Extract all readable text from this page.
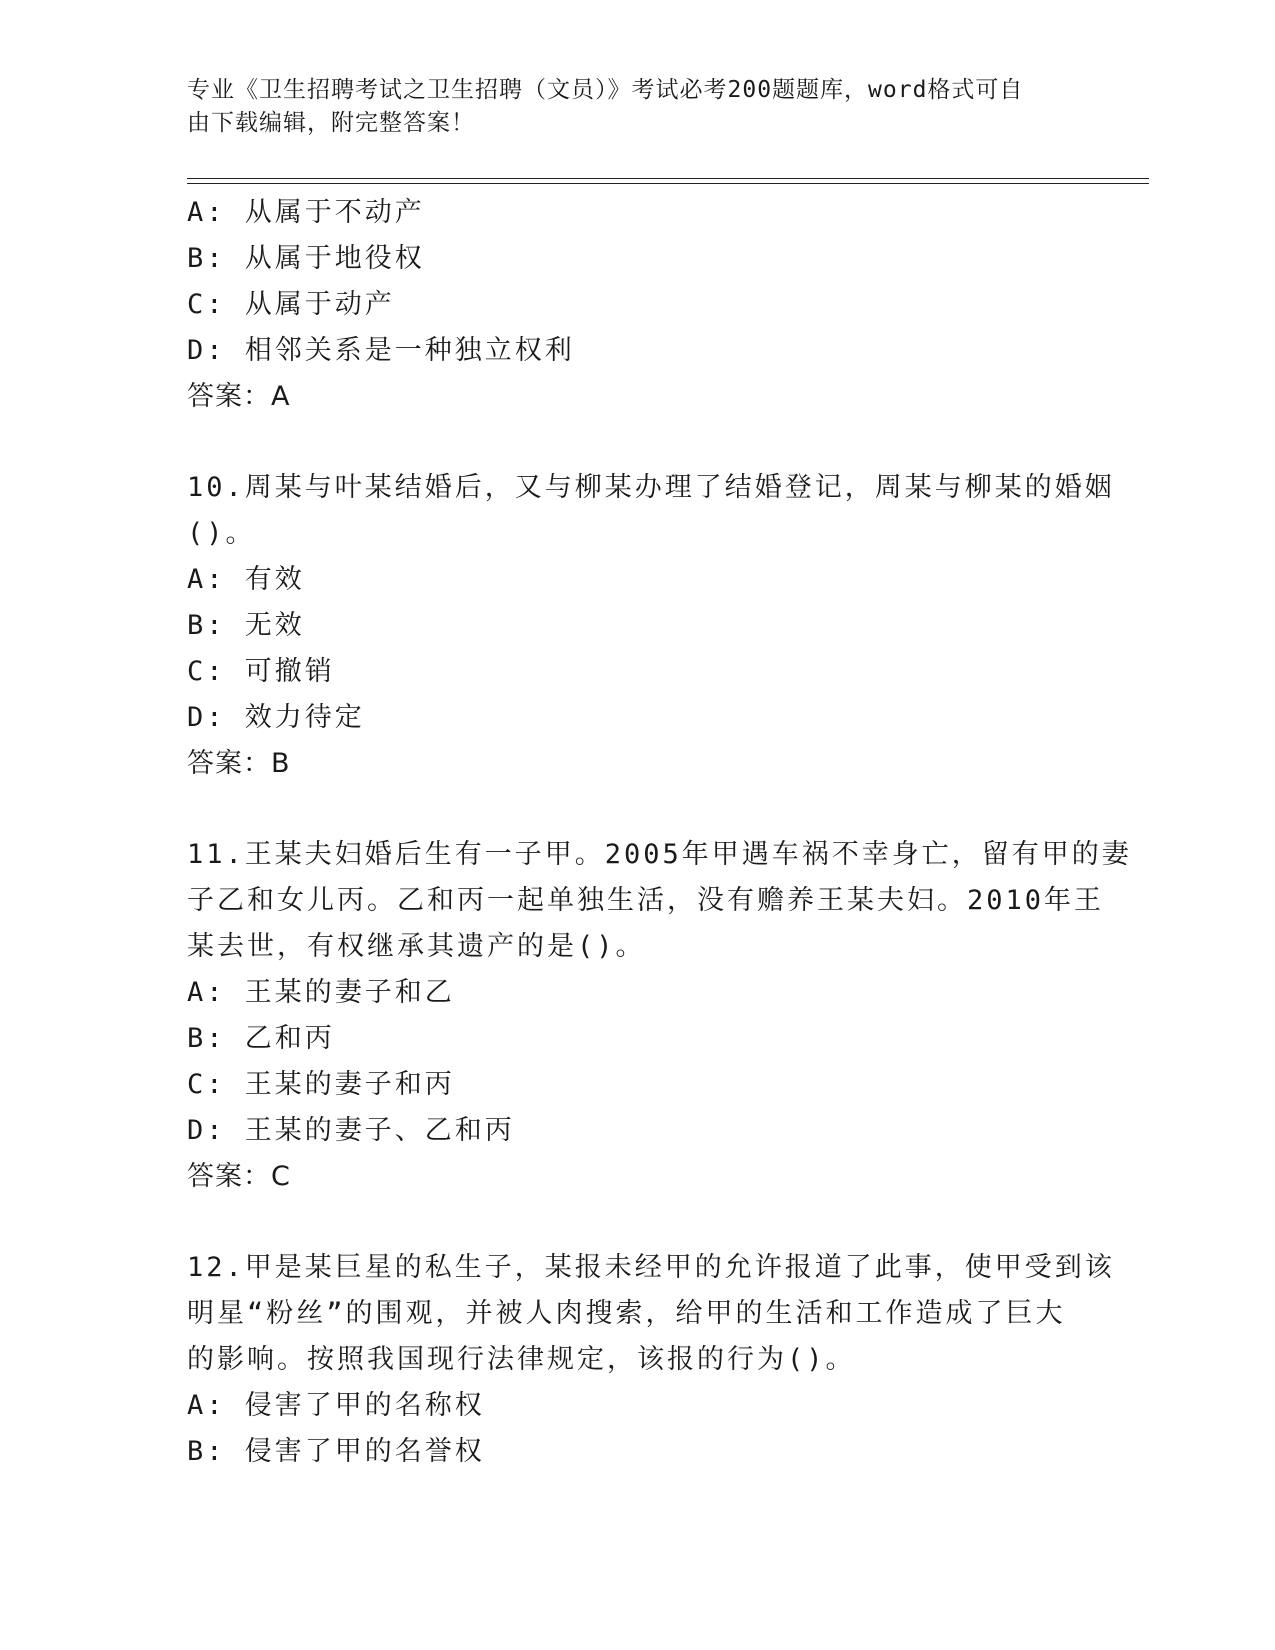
专业《卫生招聘考试之卫生招聘（文员）》考试必考200题题库，word格式可自
由下载编辑，附完整答案！
A: 从属于不动产
B: 从属于地役权
C: 从属于动产
D: 相邻关系是一种独立权利
答案：A
10.周某与叶某结婚后，又与柳某办理了结婚登记，周某与柳某的婚姻
()。
A: 有效
B: 无效
C: 可撤销
D: 效力待定
答案：B
11.王某夫妇婚后生有一子甲。2005年甲遇车祸不幸身亡，留有甲的妻
子乙和女儿丙。乙和丙一起单独生活，没有赡养王某夫妇。2010年王
某去世，有权继承其遗产的是()。
A: 王某的妻子和乙
B: 乙和丙
C: 王某的妻子和丙
D: 王某的妻子、乙和丙
答案：C
12.甲是某巨星的私生子，某报未经甲的允许报道了此事，使甲受到该
明星“粉丝”的围观，并被人肉搜索，给甲的生活和工作造成了巨大
的影响。按照我国现行法律规定，该报的行为()。
A: 侵害了甲的名称权
B: 侵害了甲的名誉权
